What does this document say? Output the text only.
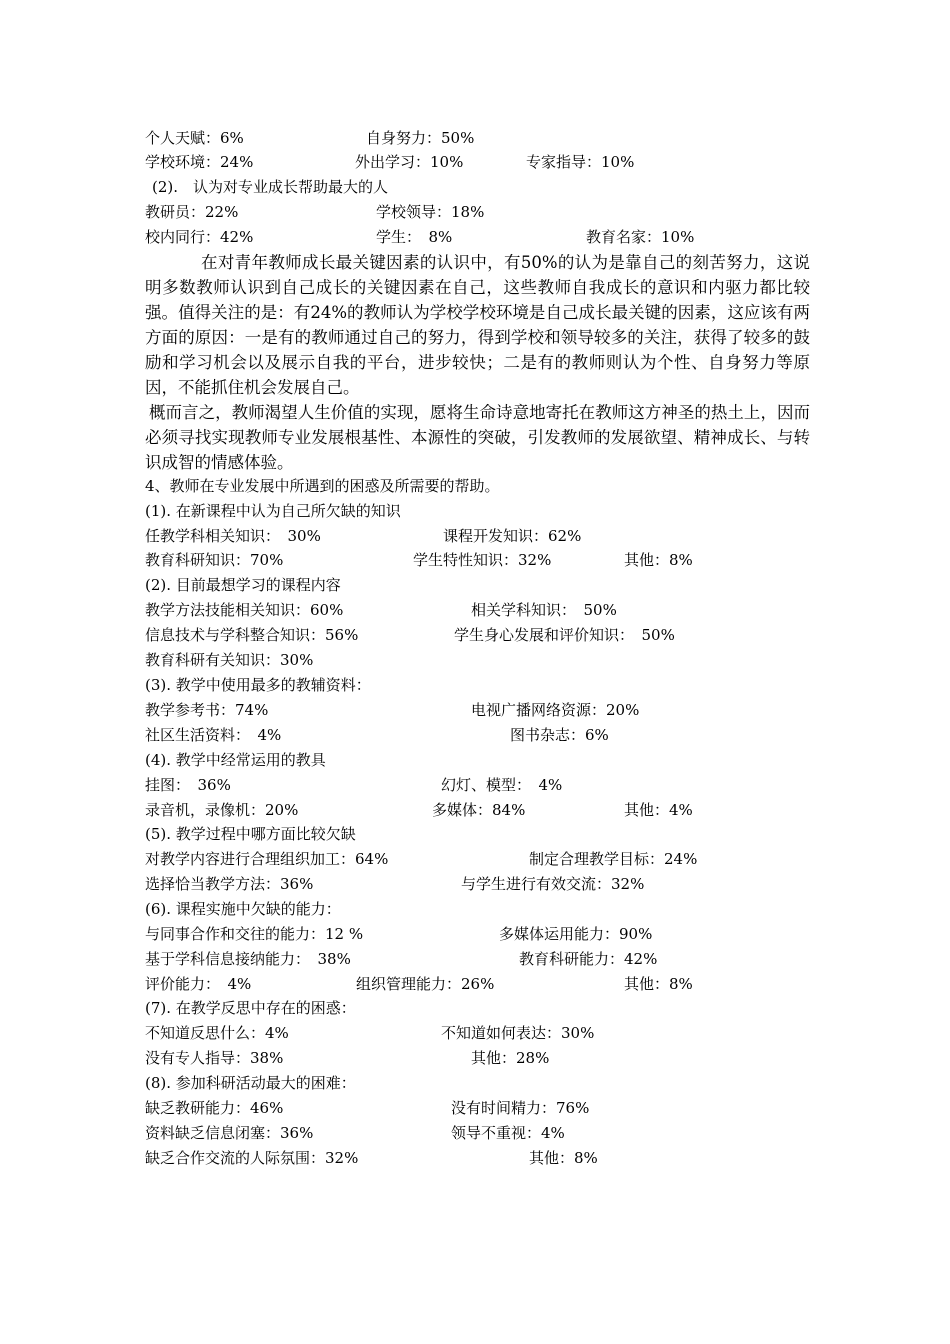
个人天赋：6%	自身努力：50%
学校环境：24%	外出学习：10%	专家指导：10%
(2).　认为对专业成长帮助最大的人
教研员：22%	学校领导：18%
校内同行：42%	学生：　8%	教育名家：10%
在对青年教师成长最关键因素的认识中，有50%的认为是靠自己的刻苦努力，这说明多数教师认识到自己成长的关键因素在自己，这些教师自我成长的意识和内驱力都比较强。值得关注的是：有24%的教师认为学校学校环境是自己成长最关键的因素，这应该有两方面的原因：一是有的教师通过自己的努力，得到学校和领导较多的关注，获得了较多的鼓励和学习机会以及展示自我的平台，进步较快；二是有的教师则认为个性、自身努力等原因，不能抓住机会发展自己。
概而言之，教师渴望人生价值的实现，愿将生命诗意地寄托在教师这方神圣的热土上，因而必须寻找实现教师专业发展根基性、本源性的突破，引发教师的发展欲望、精神成长、与转识成智的情感体验。
4、教师在专业发展中所遇到的困惑及所需要的帮助。
(1). 在新课程中认为自己所欠缺的知识
任教学科相关知识：　30%	课程开发知识：62%
教育科研知识：70%	学生特性知识：32%	其他：8%
(2). 目前最想学习的课程内容
教学方法技能相关知识：60%	相关学科知识：　50%
信息技术与学科整合知识：56%	学生身心发展和评价知识：　50%
教育科研有关知识：30%
(3). 教学中使用最多的教辅资料：
教学参考书：74%	电视广播网络资源：20%
社区生活资料：　4%	图书杂志：6%
(4). 教学中经常运用的教具
挂图：　36%	幻灯、模型：　4%
录音机，录像机：20%	多媒体：84%	其他：4%
(5). 教学过程中哪方面比较欠缺
对教学内容进行合理组织加工：64%	制定合理教学目标：24%
选择恰当教学方法：36%	与学生进行有效交流：32%
(6). 课程实施中欠缺的能力：
与同事合作和交往的能力：12 %	多媒体运用能力：90%
基于学科信息接纳能力：　38%	教育科研能力：42%
评价能力：　4%	组织管理能力：26%	其他：8%
(7). 在教学反思中存在的困惑：
不知道反思什么：4%	不知道如何表达：30%
没有专人指导：38%	其他：28%
(8). 参加科研活动最大的困难：
缺乏教研能力：46%	没有时间精力：76%
资料缺乏信息闭塞：36%	领导不重视：4%
缺乏合作交流的人际氛围：32%	其他：8%
